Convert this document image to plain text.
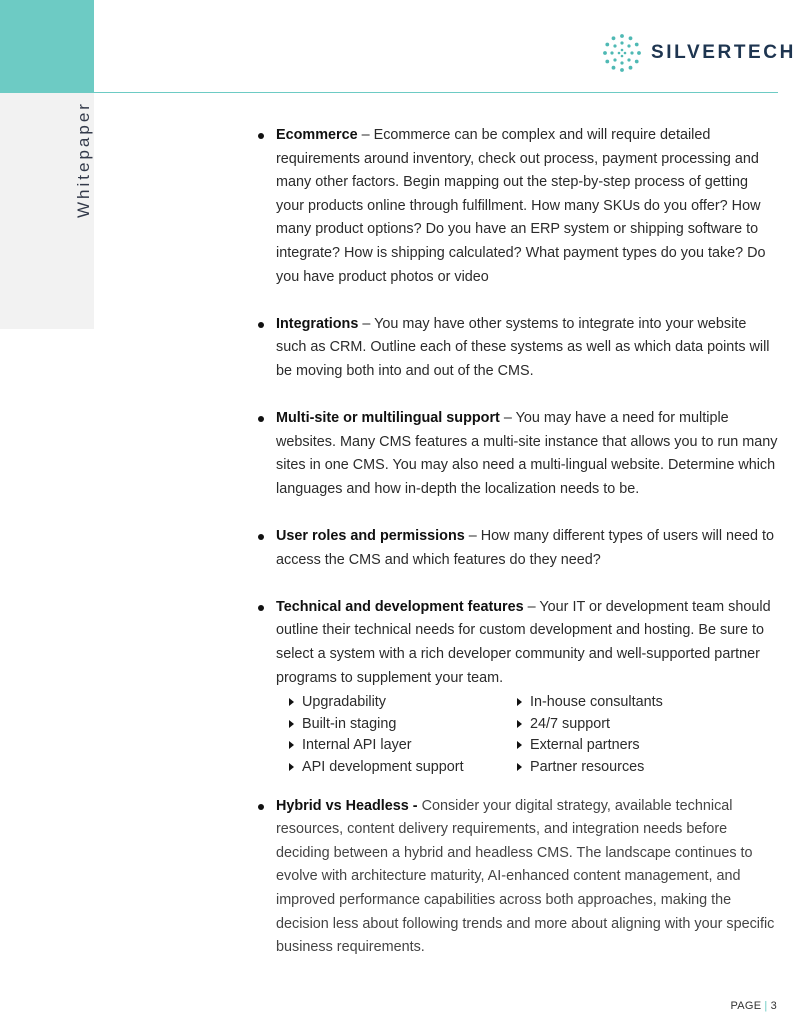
Whitepaper
SILVERTECH
Ecommerce – Ecommerce can be complex and will require detailed requirements around inventory, check out process, payment processing and many other factors. Begin mapping out the step-by-step process of getting your products online through fulfillment. How many SKUs do you offer? How many product options? Do you have an ERP system or shipping software to integrate? How is shipping calculated? What payment types do you take? Do you have product photos or video
Integrations – You may have other systems to integrate into your website such as CRM. Outline each of these systems as well as which data points will be moving both into and out of the CMS.
Multi-site or multilingual support – You may have a need for multiple websites. Many CMS features a multi-site instance that allows you to run many sites in one CMS. You may also need a multi-lingual website. Determine which languages and how in-depth the localization needs to be.
User roles and permissions – How many different types of users will need to access the CMS and which features do they need?
Technical and development features – Your IT or development team should outline their technical needs for custom development and hosting. Be sure to select a system with a rich developer community and well-supported partner programs to supplement your team.
Upgradability
Built-in staging
Internal API layer
API development support
In-house consultants
24/7 support
External partners
Partner resources
Hybrid vs Headless - Consider your digital strategy, available technical resources, content delivery requirements, and integration needs before deciding between a hybrid and headless CMS. The landscape continues to evolve with architecture maturity, AI-enhanced content management, and improved performance capabilities across both approaches, making the decision less about following trends and more about aligning with your specific business requirements.
PAGE | 3
